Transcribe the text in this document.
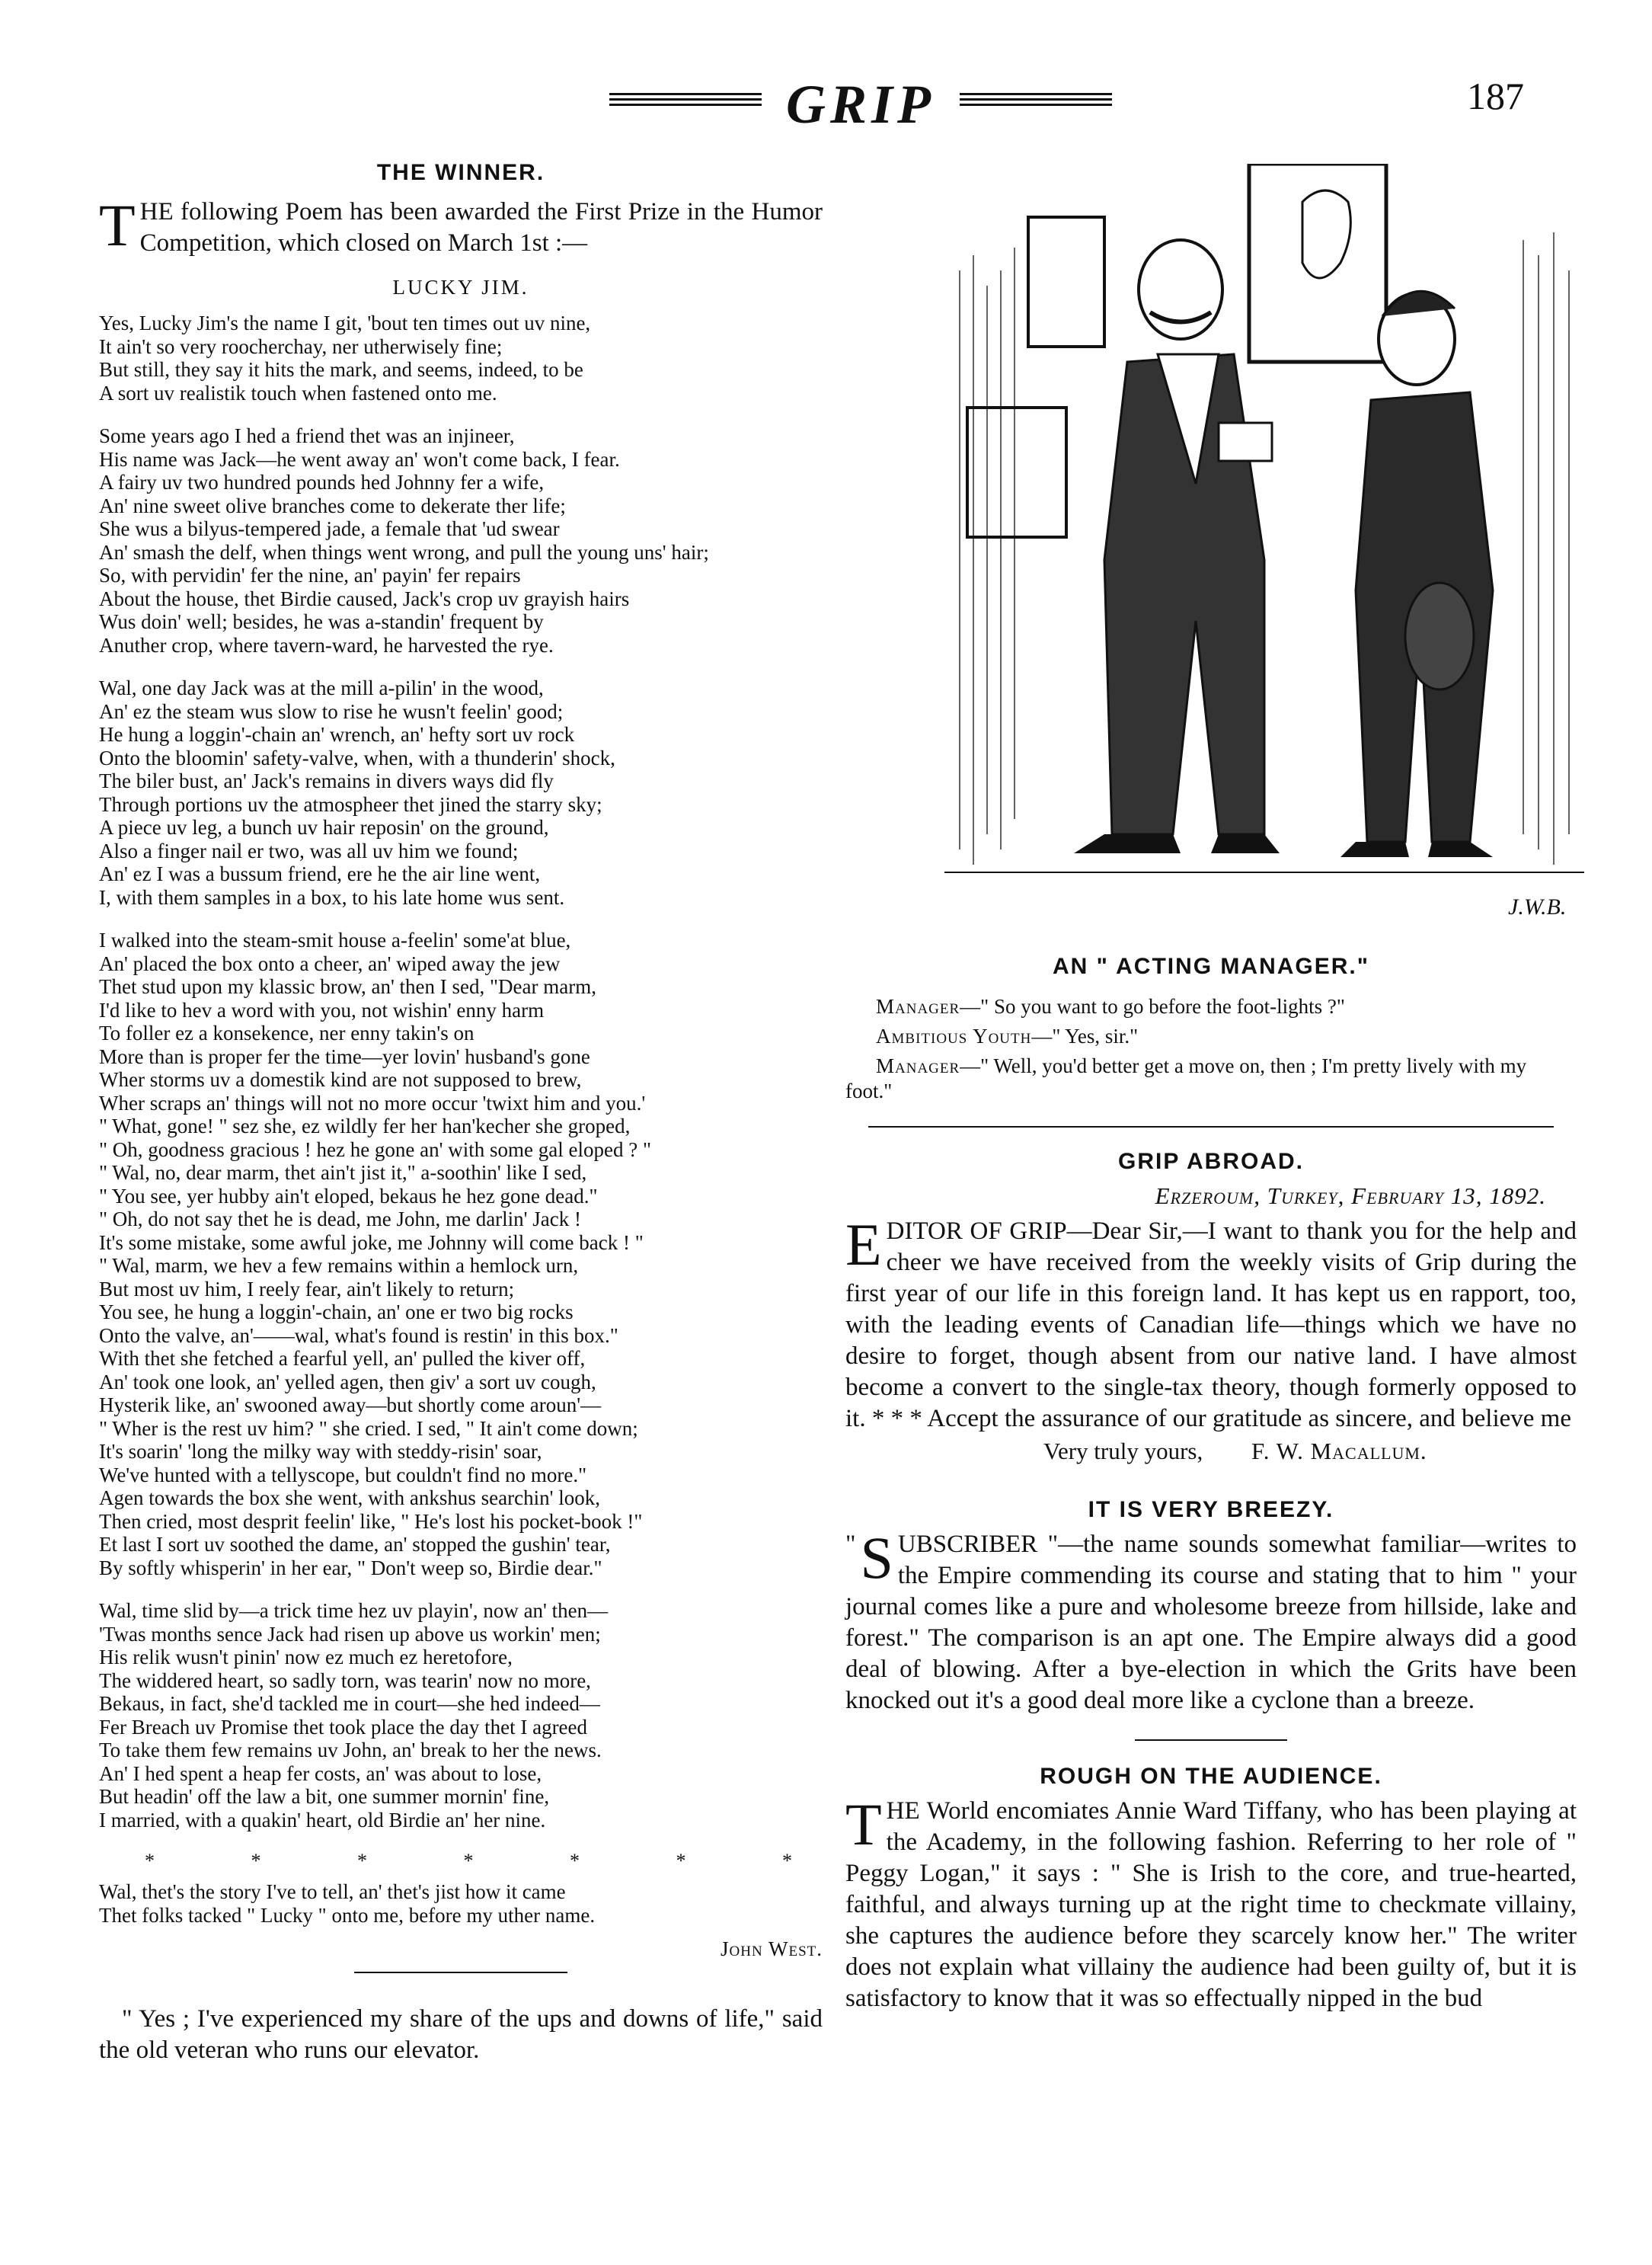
GRIP	187
THE WINNER.

THE following Poem has been awarded the First Prize in the Humor Competition, which closed on March 1st :—

LUCKY JIM.
Yes, Lucky Jim's the name I git, 'bout ten times out uv nine,
It ain't so very roocherchay, ner utherwisely fine;
But still, they say it hits the mark, and seems, indeed, to be
A sort uv realistik touch when fastened onto me.
Some years ago I hed a friend thet was an injineer,
His name was Jack—he went away an' won't come back, I fear.
A fairy uv two hundred pounds hed Johnny fer a wife,
An' nine sweet olive branches come to dekerate ther life;
She wus a bilyus-tempered jade, a female that 'ud swear
An' smash the delf, when things went wrong, and pull the young uns' hair;
So, with pervidin' fer the nine, an' payin' fer repairs
About the house, thet Birdie caused, Jack's crop uv grayish hairs
Wus doin' well; besides, he was a-standin' frequent by
Anuther crop, where tavern-ward, he harvested the rye.
Wal, one day Jack was at the mill a-pilin' in the wood,
An' ez the steam wus slow to rise he wusn't feelin' good;
He hung a loggin'-chain an' wrench, an' hefty sort uv rock
Onto the bloomin' safety-valve, when, with a thunderin' shock,
The biler bust, an' Jack's remains in divers ways did fly
Through portions uv the atmospheer thet jined the starry sky;
A piece uv leg, a bunch uv hair reposin' on the ground,
Also a finger nail er two, was all uv him we found;
An' ez I was a bussum friend, ere he the air line went,
I, with them samples in a box, to his late home wus sent.
I walked into the steam-smit house a-feelin' some'at blue,
An' placed the box onto a cheer, an' wiped away the jew
Thet stud upon my klassic brow, an' then I sed, "Dear marm,
I'd like to hev a word with you, not wishin' enny harm
To foller ez a konsekence, ner enny takin's on
More than is proper fer the time—yer lovin' husband's gone
Wher storms uv a domestik kind are not supposed to brew,
Wher scraps an' things will not no more occur 'twixt him and you.'
" What, gone! " sez she, ez wildly fer her han'kecher she groped,
" Oh, goodness gracious ! hez he gone an' with some gal eloped ? "
" Wal, no, dear marm, thet ain't jist it," a-soothin' like I sed,
" You see, yer hubby ain't eloped, bekaus he hez gone dead."
" Oh, do not say thet he is dead, me John, me darlin' Jack !
It's some mistake, some awful joke, me Johnny will come back ! "
" Wal, marm, we hev a few remains within a hemlock urn,
But most uv him, I reely fear, ain't likely to return;
You see, he hung a loggin'-chain, an' one er two big rocks
Onto the valve, an'——wal, what's found is restin' in this box."
With thet she fetched a fearful yell, an' pulled the kiver off,
An' took one look, an' yelled agen, then giv' a sort uv cough,
Hysterik like, an' swooned away—but shortly come aroun'—
" Wher is the rest uv him? " she cried. I sed, " It ain't come down;
It's soarin' 'long the milky way with steddy-risin' soar,
We've hunted with a tellyscope, but couldn't find no more."
Agen towards the box she went, with ankshus searchin' look,
Then cried, most desprit feelin' like, " He's lost his pocket-book !"
Et last I sort uv soothed the dame, an' stopped the gushin' tear,
By softly whisperin' in her ear, " Don't weep so, Birdie dear."
Wal, time slid by—a trick time hez uv playin', now an' then—
'Twas months sence Jack had risen up above us workin' men;
His relik wusn't pinin' now ez much ez heretofore,
The widdered heart, so sadly torn, was tearin' now no more,
Bekaus, in fact, she'd tackled me in court—she hed indeed—
Fer Breach uv Promise thet took place the day thet I agreed
To take them few remains uv John, an' break to her the news.
An' I hed spent a heap fer costs, an' was about to lose,
But headin' off the law a bit, one summer mornin' fine,
I married, with a quakin' heart, old Birdie an' her nine.
*	*	*	*	*	*	*
Wal, thet's the story I've to tell, an' thet's jist how it came
Thet folks tacked " Lucky " onto me, before my uther name.
John West.

" Yes ; I've experienced my share of the ups and downs of life," said the old veteran who runs our elevator.

J.W.B.
AN " ACTING MANAGER."

Manager—" So you want to go before the foot-lights ?"

Ambitious Youth—" Yes, sir."

Manager—" Well, you'd better get a move on, then ; I'm pretty lively with my foot."

GRIP ABROAD.
Erzeroum, Turkey, February 13, 1892.

EDITOR OF GRIP—Dear Sir,—I want to thank you for the help and cheer we have received from the weekly visits of Grip during the first year of our life in this foreign land. It has kept us en rapport, too, with the leading events of Canadian life—things which we have no desire to forget, though absent from our native land. I have almost become a convert to the single-tax theory, though formerly opposed to it. * * * Accept the assurance of our gratitude as sincere, and believe me

Very truly yours, F. W. Macallum.
IT IS VERY BREEZY.

" S UBSCRIBER "—the name sounds somewhat familiar—writes to the Empire commending its course and stating that to him " your journal comes like a pure and wholesome breeze from hillside, lake and forest." The comparison is an apt one. The Empire always did a good deal of blowing. After a bye-election in which the Grits have been knocked out it's a good deal more like a cyclone than a breeze.

ROUGH ON THE AUDIENCE.

THE World encomiates Annie Ward Tiffany, who has been playing at the Academy, in the following fashion. Referring to her role of " Peggy Logan," it says : " She is Irish to the core, and true-hearted, faithful, and always turning up at the right time to checkmate villainy, she captures the audience before they scarcely know her." The writer does not explain what villainy the audience had been guilty of, but it is satisfactory to know that it was so effectually nipped in the bud
